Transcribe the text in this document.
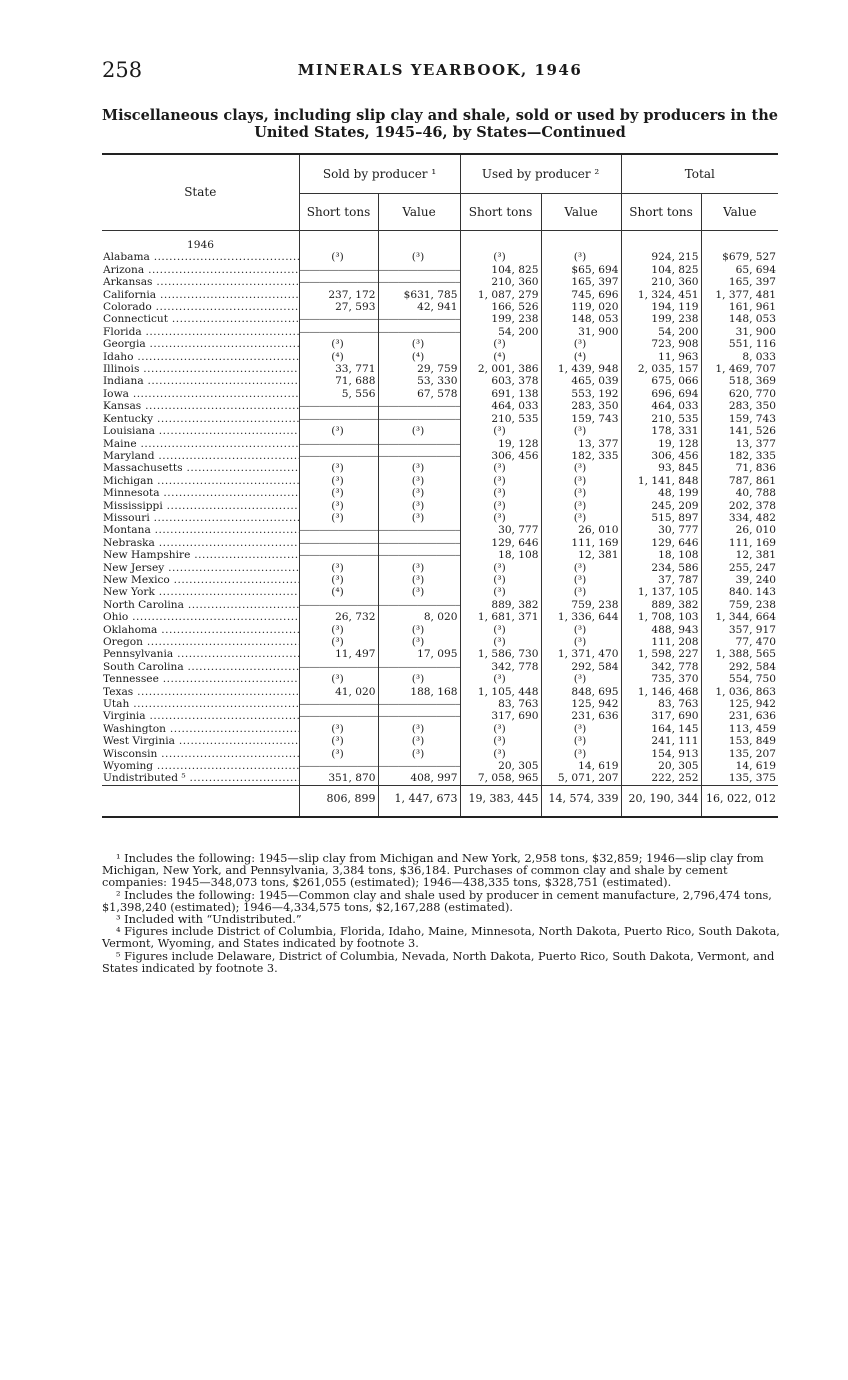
258	MINERALS YEARBOOK, 1946
Miscellaneous clays, including slip clay and shale, sold or used by producers in the
United States, 1945–46, by States—Continued
State	Sold by producer ¹		Used by producer ²		Total	
	Short tons	Value	Short tons	Value	Short tons	Value

1946						
Alabama .....	(³)	(³)	(³)	(³)	924, 215	$679, 527
Arizona .....	—————	—————	104, 825	$65, 694	104, 825	65, 694
Arkansas .....	—————	—————	210, 360	165, 397	210, 360	165, 397
California .....	237, 172	$631, 785	1, 087, 279	745, 696	1, 324, 451	1, 377, 481
Colorado .....	27, 593	42, 941	166, 526	119, 020	194, 119	161, 961
Connecticut .....	—————	—————	199, 238	148, 053	199, 238	148, 053
Florida .....	—————	—————	54, 200	31, 900	54, 200	31, 900
Georgia .....	(³)	(³)	(³)	(³)	723, 908	551, 116
Idaho .....	(⁴)	(⁴)	(⁴)	(⁴)	11, 963	8, 033
Illinois .....	33, 771	29, 759	2, 001, 386	1, 439, 948	2, 035, 157	1, 469, 707
Indiana .....	71, 688	53, 330	603, 378	465, 039	675, 066	518, 369
Iowa .....	5, 556	67, 578	691, 138	553, 192	696, 694	620, 770
Kansas .....	—————	—————	464, 033	283, 350	464, 033	283, 350
Kentucky .....	—————	—————	210, 535	159, 743	210, 535	159, 743
Louisiana .....	(³)	(³)	(³)	(³)	178, 331	141, 526
Maine .....	—————	—————	19, 128	13, 377	19, 128	13, 377
Maryland .....	—————	—————	306, 456	182, 335	306, 456	182, 335
Massachusetts .....	(³)	(³)	(³)	(³)	93, 845	71, 836
Michigan .....	(³)	(³)	(³)	(³)	1, 141, 848	787, 861
Minnesota .....	(³)	(³)	(³)	(³)	48, 199	40, 788
Mississippi .....	(³)	(³)	(³)	(³)	245, 209	202, 378
Missouri .....	(³)	(³)	(³)	(³)	515, 897	334, 482
Montana .....	—————	—————	30, 777	26, 010	30, 777	26, 010
Nebraska .....	—————	—————	129, 646	111, 169	129, 646	111, 169
New Hampshire .....	—————	—————	18, 108	12, 381	18, 108	12, 381
New Jersey .....	(³)	(³)	(³)	(³)	234, 586	255, 247
New Mexico .....	(³)	(³)	(³)	(³)	37, 787	39, 240
New York .....	(⁴)	(³)	(³)	(³)	1, 137, 105	840. 143
North Carolina .....	—————	—————	889, 382	759, 238	889, 382	759, 238
Ohio .....	26, 732	8, 020	1, 681, 371	1, 336, 644	1, 708, 103	1, 344, 664
Oklahoma .....	(³)	(³)	(³)	(³)	488, 943	357, 917
Oregon .....	(³)	(³)	(³)	(³)	111, 208	77, 470
Pennsylvania .....	11, 497	17, 095	1, 586, 730	1, 371, 470	1, 598, 227	1, 388, 565
South Carolina .....	—————	—————	342, 778	292, 584	342, 778	292, 584
Tennessee .....	(³)	(³)	(³)	(³)	735, 370	554, 750
Texas .....	41, 020	188, 168	1, 105, 448	848, 695	1, 146, 468	1, 036, 863
Utah .....	—————	—————	83, 763	125, 942	83, 763	125, 942
Virginia .....	—————	—————	317, 690	231, 636	317, 690	231, 636
Washington .....	(³)	(³)	(³)	(³)	164, 145	113, 459
West Virginia .....	(³)	(³)	(³)	(³)	241, 111	153, 849
Wisconsin .....	(³)	(³)	(³)	(³)	154, 913	135, 207
Wyoming .....	—————	—————	20, 305	14, 619	20, 305	14, 619
Undistributed ⁵ .....	351, 870	408, 997	7, 058, 965	5, 071, 207	222, 252	135, 375
	806, 899	1, 447, 673	19, 383, 445	14, 574, 339	20, 190, 344	16, 022, 012

¹ Includes the following: 1945—slip clay from Michigan and New York, 2,958 tons, $32,859; 1946—slip clay from Michigan, New York, and Pennsylvania, 3,384 tons, $36,184. Purchases of common clay and shale by cement companies: 1945—348,073 tons, $261,055 (estimated); 1946—438,335 tons, $328,751 (estimated).

² Includes the following: 1945—Common clay and shale used by producer in cement manufacture, 2,796,474 tons, $1,398,240 (estimated); 1946—4,334,575 tons, $2,167,288 (estimated).

³ Included with “Undistributed.”

⁴ Figures include District of Columbia, Florida, Idaho, Maine, Minnesota, North Dakota, Puerto Rico, South Dakota, Vermont, Wyoming, and States indicated by footnote 3.

⁵ Figures include Delaware, District of Columbia, Nevada, North Dakota, Puerto Rico, South Dakota, Vermont, and States indicated by footnote 3.
